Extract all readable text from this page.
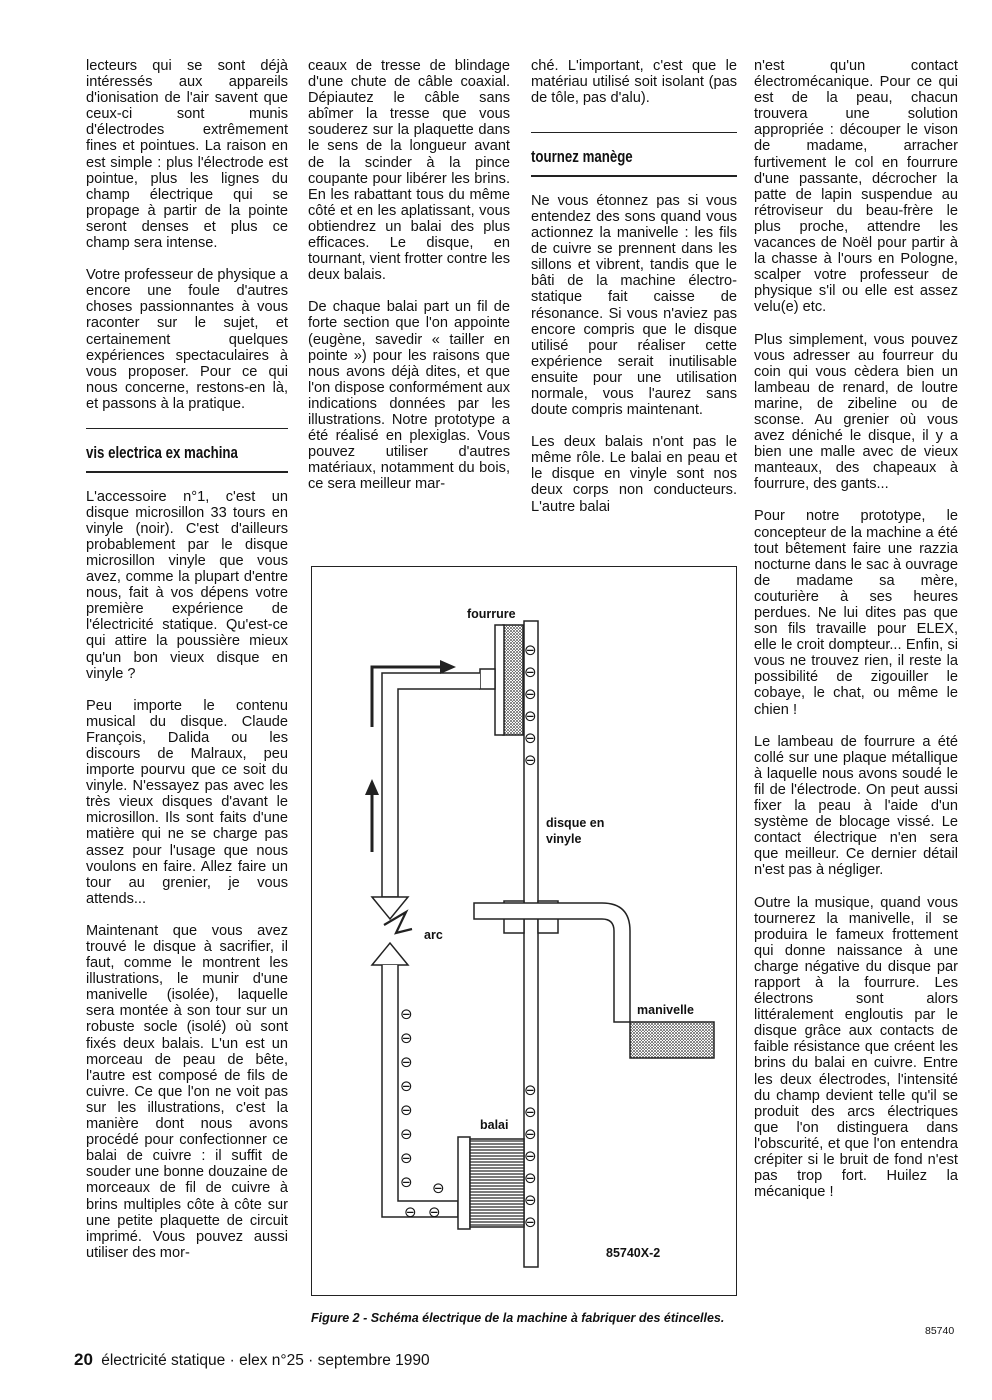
lecteurs qui se sont déjà intéressés aux appareils d'ionisation de l'air savent que ceux-ci sont munis d'électrodes extrêmement fines et pointues. La raison en est simple : plus l'électrode est pointue, plus les lignes du champ électrique qui se propage à partir de la pointe seront denses et plus ce champ sera intense.

Votre professeur de physique a encore une foule d'autres choses passionnantes à vous raconter sur le sujet, et certainement quelques expériences spectaculaires à vous proposer. Pour ce qui nous concerne, restons-en là, et passons à la pratique.

vis electrica ex machina

L'accessoire n°1, c'est un disque microsillon 33 tours en vinyle (noir). C'est d'ailleurs probablement par le disque microsillon vinyle que vous avez, comme la plupart d'entre nous, fait à vos dépens votre première expérience de l'électricité statique. Qu'est-ce qui attire la poussière mieux qu'un bon vieux disque en vinyle ?

Peu importe le contenu musical du disque. Claude François, Dalida ou les discours de Malraux, peu importe pourvu que ce soit du vinyle. N'essayez pas avec les très vieux disques d'avant le microsillon. Ils sont faits d'une matière qui ne se charge pas assez pour l'usage que nous voulons en faire. Allez faire un tour au grenier, je vous attends...

Maintenant que vous avez trouvé le disque à sacrifier, il faut, comme le montrent les illustrations, le munir d'une manivelle (isolée), laquelle sera montée à son tour sur un robuste socle (isolé) où sont fixés deux balais. L'un est un morceau de peau de bête, l'autre est composé de fils de cuivre. Ce que l'on ne voit pas sur les illustrations, c'est la manière dont nous avons procédé pour confectionner ce balai de cuivre : il suffit de souder une bonne douzaine de morceaux de fil de cuivre à brins multiples côte à côte sur une petite plaquette de circuit imprimé. Vous pouvez aussi utiliser des mor-

ceaux de tresse de blindage d'une chute de câble coaxial. Dépiautez le câble sans abîmer la tresse que vous souderez sur la plaquette dans le sens de la longueur avant de la scinder à la pince coupante pour libérer les brins. En les rabattant tous du même côté et en les aplatissant, vous obtiendrez un balai des plus efficaces. Le disque, en tournant, vient frotter contre les deux balais.

De chaque balai part un fil de forte section que l'on appointe (eugène, savedir « tailler en pointe ») pour les raisons que nous avons déjà dites, et que l'on dispose conformément aux indications données par les illustrations. Notre prototype a été réalisé en plexiglas. Vous pouvez utiliser d'autres matériaux, notamment du bois, ce sera meilleur mar-

ché. L'important, c'est que le matériau utilisé soit isolant (pas de tôle, pas d'alu).

tournez manège

Ne vous étonnez pas si vous entendez des sons quand vous actionnez la manivelle : les fils de cuivre se prennent dans les sillons et vibrent, tandis que le bâti de la machine électro-statique fait caisse de résonance. Si vous n'aviez pas encore compris que le disque utilisé pour réaliser cette expérience serait inutilisable ensuite pour une utilisation normale, vous l'aurez sans doute compris maintenant.

Les deux balais n'ont pas le même rôle. Le balai en peau et le disque en vinyle sont nos deux corps non conducteurs. L'autre balai

n'est qu'un contact électromécanique. Pour ce qui est de la peau, chacun trouvera une solution appropriée : découper le vison de madame, arracher furtivement le col en fourrure d'une passante, décrocher la patte de lapin suspendue au rétroviseur du beau-frère le plus proche, attendre les vacances de Noël pour partir à la chasse à l'ours en Pologne, scalper votre professeur de physique s'il ou elle est assez velu(e) etc.

Plus simplement, vous pouvez vous adresser au fourreur du coin qui vous cèdera bien un lambeau de renard, de loutre marine, de zibeline ou de sconse. Au grenier où vous avez déniché le disque, il y a bien une malle avec de vieux manteaux, des chapeaux à fourrure, des gants...

Pour notre prototype, le concepteur de la machine a été tout bêtement faire une razzia nocturne dans le sac à ouvrage de madame sa mère, couturière à ses heures perdues. Ne lui dites pas que son fils travaille pour ELEX, elle le croit dompteur... Enfin, si vous ne trouvez rien, il reste la possibilité de zigouiller le cobaye, le chat, ou même le chien !

Le lambeau de fourrure a été collé sur une plaque métallique à laquelle nous avons soudé le fil de l'électrode. On peut aussi fixer la peau à l'aide d'un système de blocage vissé. Le contact électrique n'en sera que meilleur. Ce dernier détail n'est pas à négliger.

Outre la musique, quand vous tournerez la manivelle, il se produira le fameux frottement qui donne naissance à une charge négative du disque par rapport à la fourrure. Les électrons sont alors littéralement engloutis par le disque grâce aux contacts de faible résistance que créent les brins du balai en cuivre. Entre les deux électrodes, l'intensité du champ devient telle qu'il se produit des arcs électriques que l'on distinguera dans l'obscurité, et que l'on entendra crépiter si le bruit de fond n'est pas trop fort. Huilez la mécanique !

fourrure
arc
balai
manivelle
disque en
vinyle
⊖
⊖
⊖
⊖
⊖
⊖
⊖
⊖
⊖
⊖
⊖
⊖
⊖
⊖
⊖
⊖
⊖
⊖
⊖
⊖
⊖ ⊖
⊖ ⊖
85740X-2
Figure 2 - Schéma électrique de la machine à fabriquer des étincelles.
85740
20 électricité statique · elex n°25 · septembre 1990
